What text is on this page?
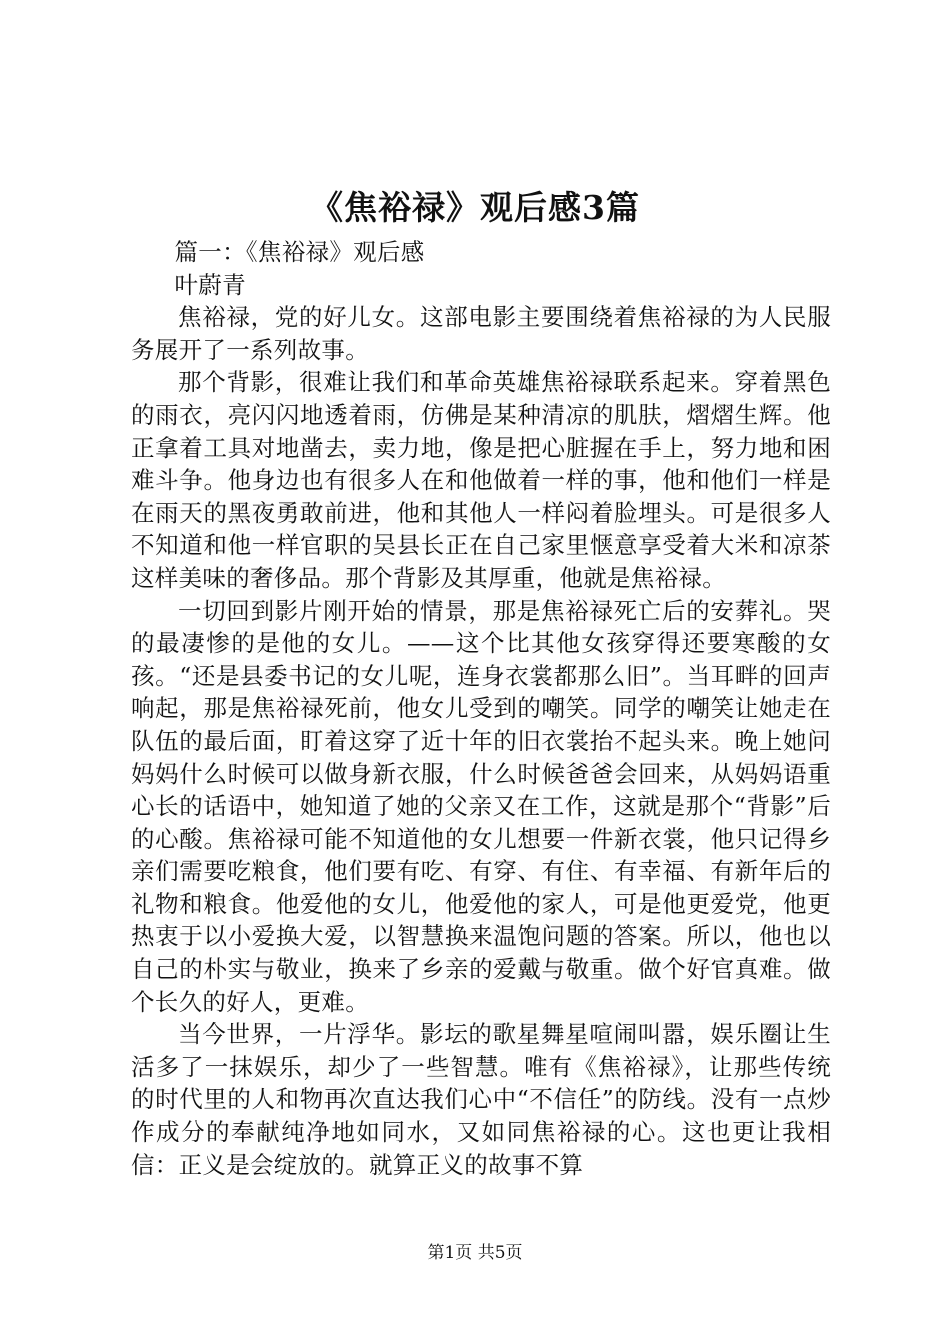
《焦裕禄》观后感3篇

篇一：《焦裕禄》观后感

叶蔚青

焦裕禄，党的好儿女。这部电影主要围绕着焦裕禄的为人民服务展开了一系列故事。

那个背影，很难让我们和革命英雄焦裕禄联系起来。穿着黑色的雨衣，亮闪闪地透着雨，仿佛是某种清凉的肌肤，熠熠生辉。他正拿着工具对地凿去，卖力地，像是把心脏握在手上，努力地和困难斗争。他身边也有很多人在和他做着一样的事，他和他们一样是在雨天的黑夜勇敢前进，他和其他人一样闷着脸埋头。可是很多人不知道和他一样官职的吴县长正在自己家里惬意享受着大米和凉茶这样美味的奢侈品。那个背影及其厚重，他就是焦裕禄。

一切回到影片刚开始的情景，那是焦裕禄死亡后的安葬礼。哭的最凄惨的是他的女儿。——这个比其他女孩穿得还要寒酸的女孩。“还是县委书记的女儿呢，连身衣裳都那么旧”。当耳畔的回声响起，那是焦裕禄死前，他女儿受到的嘲笑。同学的嘲笑让她走在队伍的最后面，盯着这穿了近十年的旧衣裳抬不起头来。晚上她问妈妈什么时候可以做身新衣服，什么时候爸爸会回来，从妈妈语重心长的话语中，她知道了她的父亲又在工作，这就是那个“背影”后的心酸。焦裕禄可能不知道他的女儿想要一件新衣裳，他只记得乡亲们需要吃粮食，他们要有吃、有穿、有住、有幸福、有新年后的礼物和粮食。他爱他的女儿，他爱他的家人，可是他更爱党，他更热衷于以小爱换大爱，以智慧换来温饱问题的答案。所以，他也以自己的朴实与敬业，换来了乡亲的爱戴与敬重。做个好官真难。做个长久的好人，更难。

当今世界，一片浮华。影坛的歌星舞星喧闹叫嚣，娱乐圈让生活多了一抹娱乐，却少了一些智慧。唯有《焦裕禄》，让那些传统的时代里的人和物再次直达我们心中“不信任”的防线。没有一点炒作成分的奉献纯净地如同水，又如同焦裕禄的心。这也更让我相信：正义是会绽放的。就算正义的故事不算

第1页 共5页
